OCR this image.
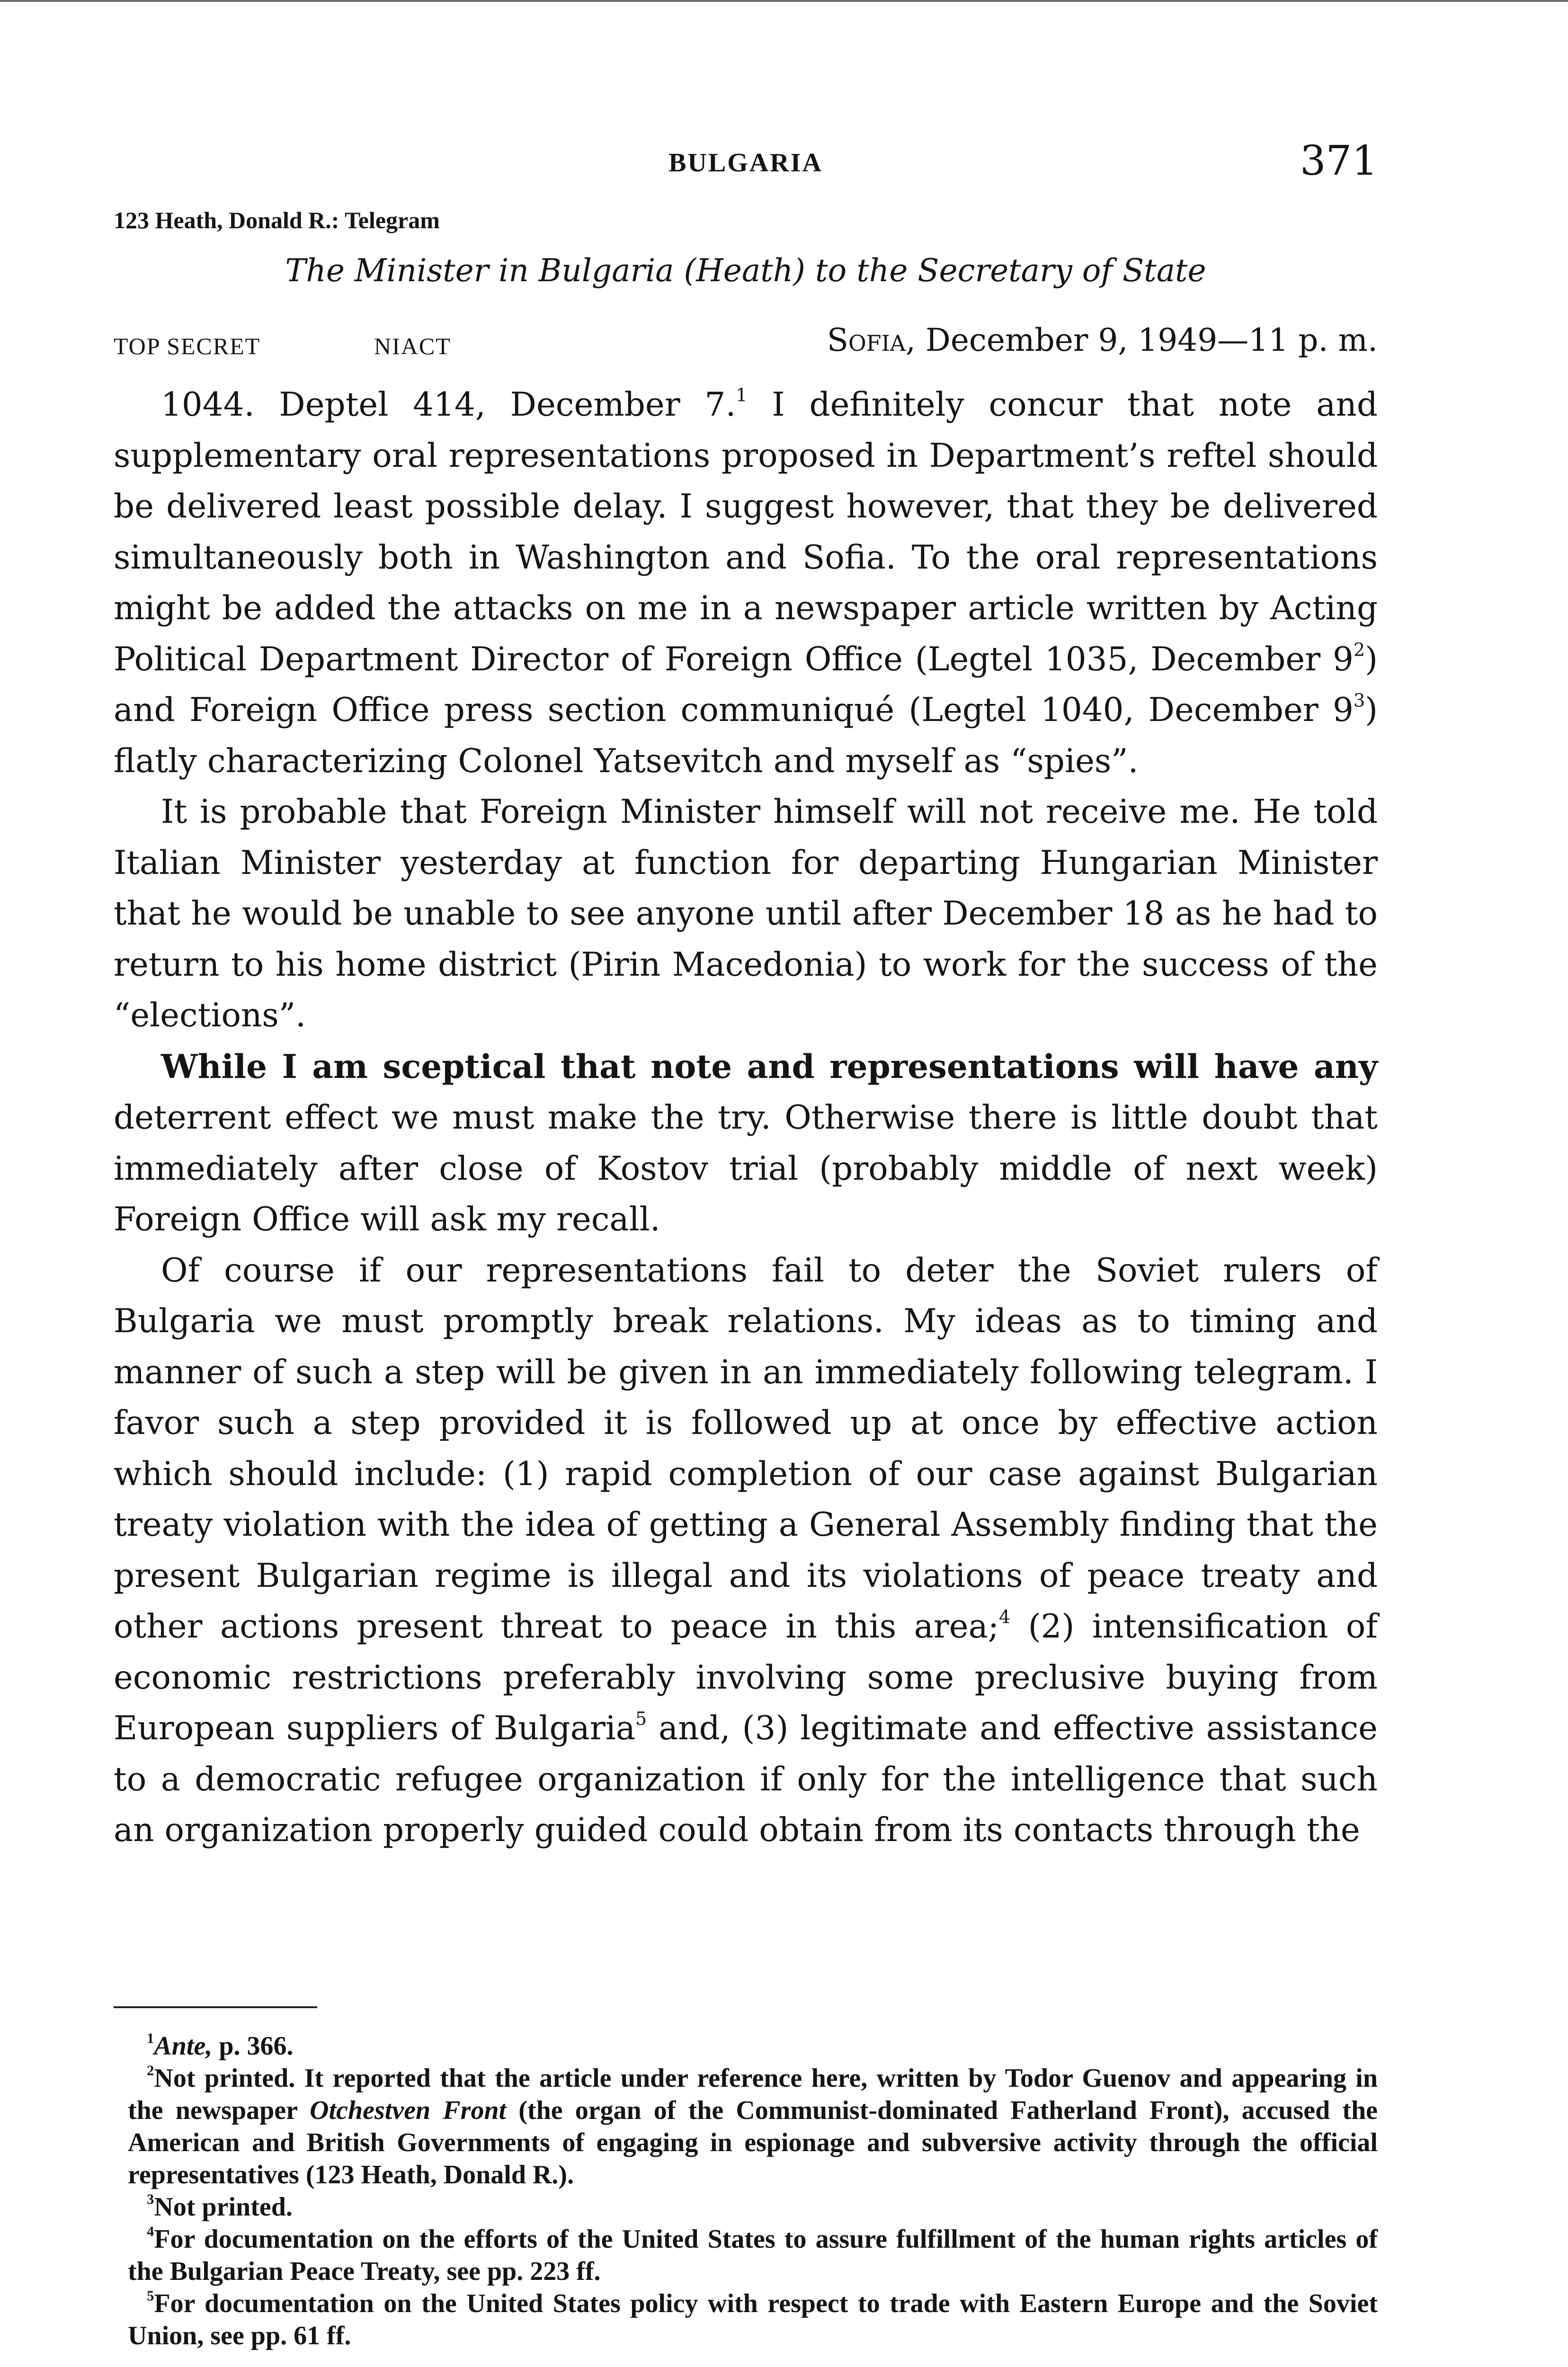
BULGARIA	371
123 Heath, Donald R.: Telegram
The Minister in Bulgaria (Heath) to the Secretary of State
TOP SECRET	NIACT	Sofia, December 9, 1949—11 p. m.

1044. Deptel 414, December 7.$^1$ I definitely concur that note and supplementary oral representations proposed in Department’s reftel should be delivered least possible delay. I suggest however, that they be delivered simultaneously both in Washington and Sofia. To the oral representations might be added the attacks on me in a newspaper article written by Acting Political Department Director of Foreign Office (Legtel 1035, December $9^2$) and Foreign Office press section communiqué (Legtel 1040, December $9^3$) flatly characterizing Colonel Yatsevitch and myself as “spies”.

It is probable that Foreign Minister himself will not receive me. He told Italian Minister yesterday at function for departing Hungarian Minister that he would be unable to see anyone until after December 18 as he had to return to his home district (Pirin Macedonia) to work for the success of the “elections”.

While I am sceptical that note and representations will have any deterrent effect we must make the try. Otherwise there is little doubt that immediately after close of Kostov trial (probably middle of next week) Foreign Office will ask my recall.

Of course if our representations fail to deter the Soviet rulers of Bulgaria we must promptly break relations. My ideas as to timing and manner of such a step will be given in an immediately following telegram. I favor such a step provided it is followed up at once by effective action which should include: (1) rapid completion of our case against Bulgarian treaty violation with the idea of getting a General Assembly finding that the present Bulgarian regime is illegal and its violations of peace treaty and other actions present threat to peace in this area;$^4$ (2) intensification of economic restrictions preferably involving some preclusive buying from European suppliers of Bulgaria$^5$ and, (3) legitimate and effective assistance to a democratic refugee organization if only for the intelligence that such an organization properly guided could obtain from its contacts through the

$^1$Ante, p. 366.

$^2$Not printed. It reported that the article under reference here, written by Todor Guenov and appearing in the newspaper Otchestven Front (the organ of the Communist-dominated Fatherland Front), accused the American and British Governments of engaging in espionage and subversive activity through the official representatives (123 Heath, Donald R.).

$^3$Not printed.

$^4$For documentation on the efforts of the United States to assure fulfillment of the human rights articles of the Bulgarian Peace Treaty, see pp. 223 ff.

$^5$For documentation on the United States policy with respect to trade with Eastern Europe and the Soviet Union, see pp. 61 ff.
